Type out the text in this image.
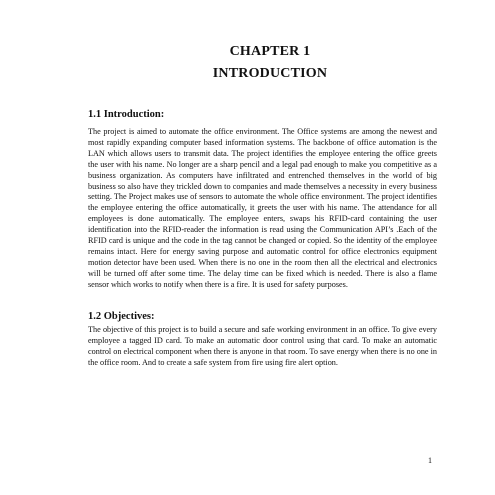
CHAPTER 1
INTRODUCTION
1.1 Introduction:

The project is aimed to automate the office environment. The Office systems are among the newest and most rapidly expanding computer based information systems. The backbone of office automation is the LAN which allows users to transmit data. The project identifies the employee entering the office greets the user with his name. No longer are a sharp pencil and a legal pad enough to make you competitive as a business organization. As computers have infiltrated and entrenched themselves in the world of big business so also have they trickled down to companies and made themselves a necessity in every business setting. The Project makes use of sensors to automate the whole office environment. The project identifies the employee entering the office automatically, it greets the user with his name. The attendance for all employees is done automatically. The employee enters, swaps his RFID-card containing the user identification into the RFID-reader the information is read using the Communication API’s .Each of the RFID card is unique and the code in the tag cannot be changed or copied. So the identity of the employee remains intact. Here for energy saving purpose and automatic control for office electronics equipment motion detector have been used. When there is no one in the room then all the electrical and electronics will be turned off after some time. The delay time can be fixed which is needed. There is also a flame sensor which works to notify when there is a fire. It is used for safety purposes.

1.2 Objectives:

The objective of this project is to build a secure and safe working environment in an office. To give every employee a tagged ID card. To make an automatic door control using that card. To make an automatic control on electrical component when there is anyone in that room. To save energy when there is no one in the office room. And to create a safe system from fire using fire alert option.

1
